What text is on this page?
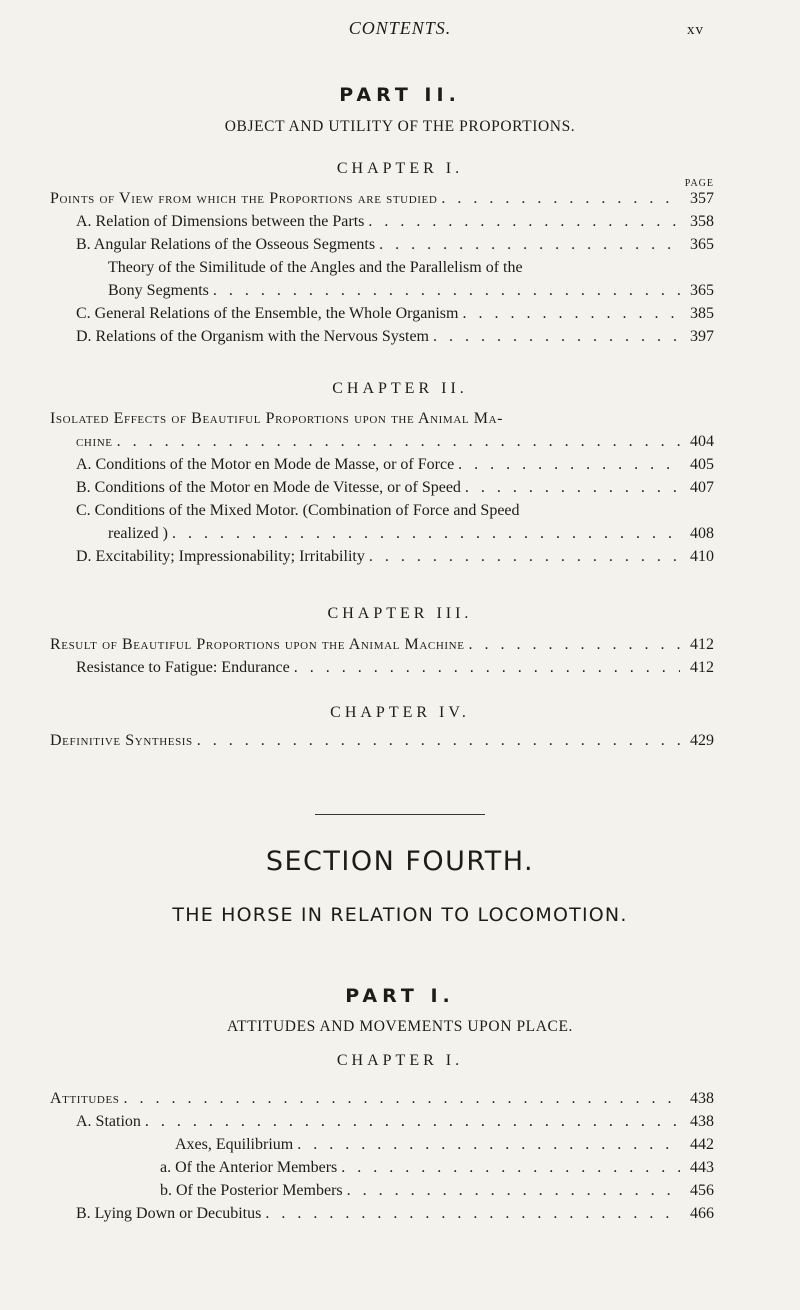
CONTENTS.	xv
PART II.
OBJECT AND UTILITY OF THE PROPORTIONS.
CHAPTER I.
PAGE
Points of View from which the Proportions are studied . . .	357
A. Relation of Dimensions between the Parts . . .	358
B. Angular Relations of the Osseous Segments . . .	365
Theory of the Similitude of the Angles and the Parallelism of the
Bony Segments . . .	365
C. General Relations of the Ensemble, the Whole Organism . . .	385
D. Relations of the Organism with the Nervous System . . .	397
CHAPTER II.
Isolated Effects of Beautiful Proportions upon the Animal Ma-
chine . . .	404
A. Conditions of the Motor en Mode de Masse, or of Force . . .	405
B. Conditions of the Motor en Mode de Vitesse, or of Speed . . .	407
C. Conditions of the Mixed Motor. (Combination of Force and Speed
realized ) . . .	408
D. Excitability; Impressionability; Irritability . . .	410
CHAPTER III.
Result of Beautiful Proportions upon the Animal Machine . . .	412
Resistance to Fatigue: Endurance . . .	412
CHAPTER IV.
Definitive Synthesis . . .	429
SECTION FOURTH.
THE HORSE IN RELATION TO LOCOMOTION.
PART I.
ATTITUDES AND MOVEMENTS UPON PLACE.
CHAPTER I.
Attitudes . . .	438
A. Station . . .	438
Axes, Equilibrium . . .	442
a. Of the Anterior Members . . .	443
b. Of the Posterior Members . . .	456
B. Lying Down or Decubitus . . .	466
